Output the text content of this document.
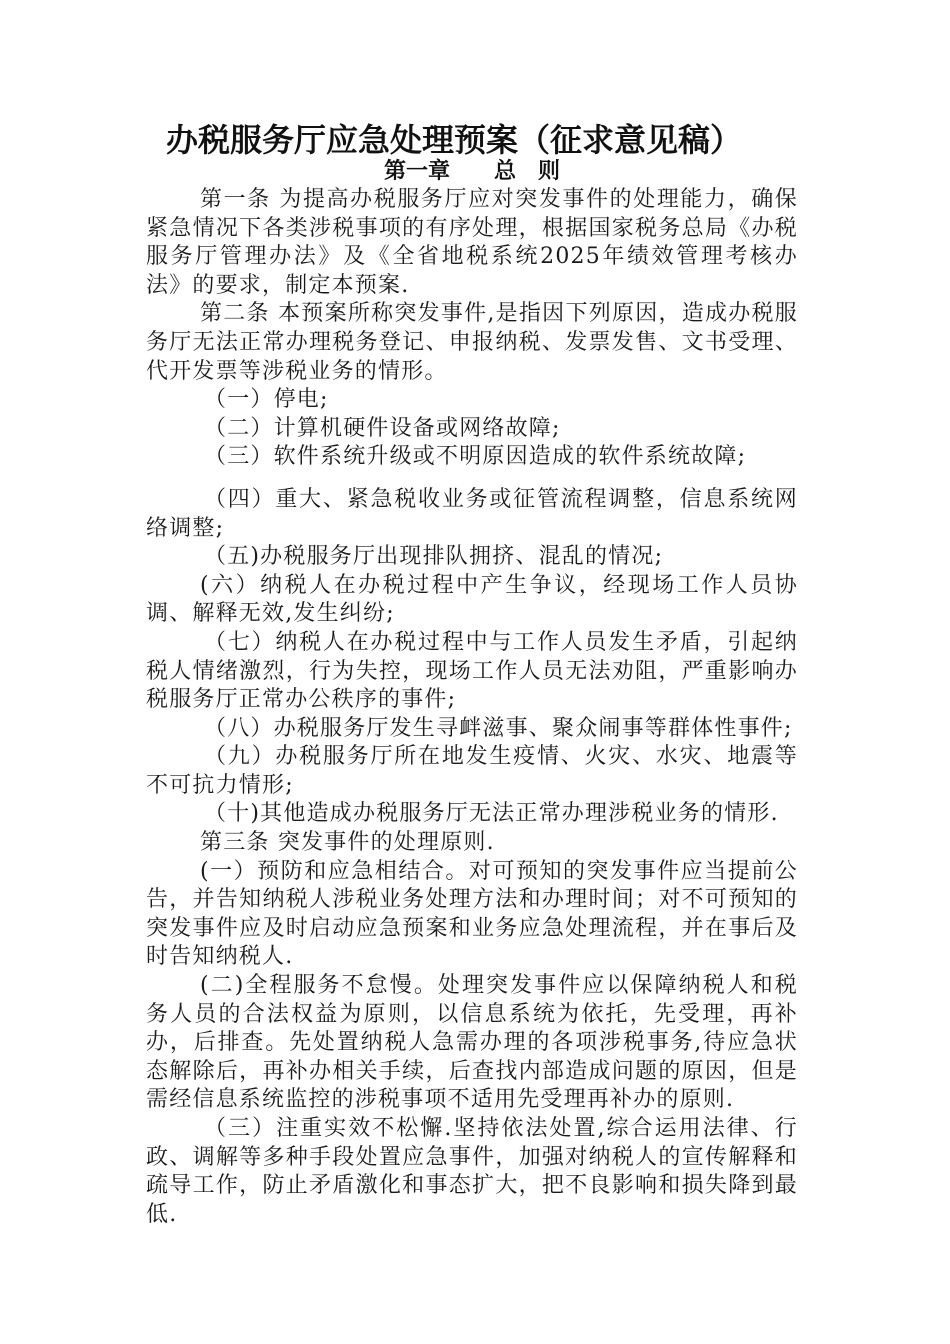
办税服务厅应急处理预案（征求意见稿）
第一章　　总　则

第一条 为提高办税服务厅应对突发事件的处理能力，确保紧急情况下各类涉税事项的有序处理，根据国家税务总局《办税服务厅管理办法》及《全省地税系统2025年绩效管理考核办法》的要求，制定本预案.

第二条 本预案所称突发事件,是指因下列原因，造成办税服务厅无法正常办理税务登记、申报纳税、发票发售、文书受理、代开发票等涉税业务的情形。

（一）停电;

（二）计算机硬件设备或网络故障;

（三）软件系统升级或不明原因造成的软件系统故障;

（四）重大、紧急税收业务或征管流程调整，信息系统网络调整;

（五)办税服务厅出现排队拥挤、混乱的情况;

(六）纳税人在办税过程中产生争议，经现场工作人员协调、解释无效,发生纠纷;

（七）纳税人在办税过程中与工作人员发生矛盾，引起纳税人情绪激烈，行为失控，现场工作人员无法劝阻，严重影响办税服务厅正常办公秩序的事件;

（八）办税服务厅发生寻衅滋事、聚众闹事等群体性事件;

（九）办税服务厅所在地发生疫情、火灾、水灾、地震等不可抗力情形;

（十)其他造成办税服务厅无法正常办理涉税业务的情形.

第三条 突发事件的处理原则.

(一）预防和应急相结合。对可预知的突发事件应当提前公告，并告知纳税人涉税业务处理方法和办理时间；对不可预知的突发事件应及时启动应急预案和业务应急处理流程，并在事后及时告知纳税人.

(二)全程服务不怠慢。处理突发事件应以保障纳税人和税务人员的合法权益为原则，以信息系统为依托，先受理，再补办，后排查。先处置纳税人急需办理的各项涉税事务,待应急状态解除后，再补办相关手续，后查找内部造成问题的原因，但是需经信息系统监控的涉税事项不适用先受理再补办的原则.

（三）注重实效不松懈.坚持依法处置,综合运用法律、行政、调解等多种手段处置应急事件，加强对纳税人的宣传解释和疏导工作，防止矛盾激化和事态扩大，把不良影响和损失降到最低.
